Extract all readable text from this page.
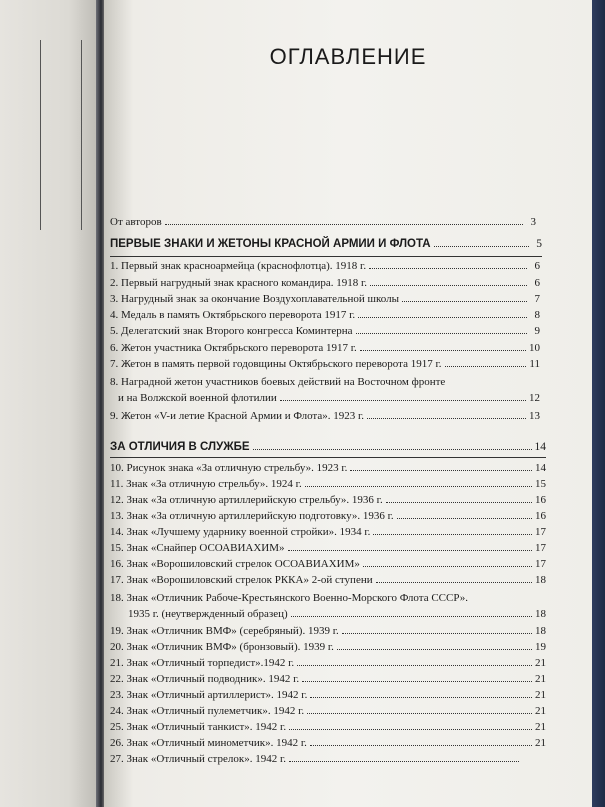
ОГЛАВЛЕНИЕ
От авторов	3
ПЕРВЫЕ ЗНАКИ И ЖЕТОНЫ КРАСНОЙ АРМИИ И ФЛОТА	5
1. Первый знак красноармейца (краснофлотца). 1918 г.	6
2. Первый нагрудный знак красного командира. 1918 г.	6
3. Нагрудный знак за окончание Воздухоплавательной школы	7
4. Медаль в память Октябрьского переворота 1917 г.	8
5. Делегатский знак Второго конгресса Коминтерна	9
6. Жетон участника Октябрьского переворота 1917 г.	10
7. Жетон в память первой годовщины Октябрьского переворота 1917 г.	11
8. Наградной жетон участников боевых действий на Восточном фронте
и на Волжской военной флотилии	12
9. Жетон «V-и летие Красной Армии и Флота». 1923 г.	13
ЗА ОТЛИЧИЯ В СЛУЖБЕ	14
10. Рисунок знака «За отличную стрельбу». 1923 г.	14
11. Знак «За отличную стрельбу». 1924 г.	15
12. Знак «За отличную артиллерийскую стрельбу». 1936 г.	16
13. Знак «За отличную артиллерийскую подготовку». 1936 г.	16
14. Знак «Лучшему ударнику военной стройки». 1934 г.	17
15. Знак «Снайпер ОСОАВИАХИМ»	17
16. Знак «Ворошиловский стрелок ОСОАВИАХИМ»	17
17. Знак «Ворошиловский стрелок РККА» 2-ой ступени	18
18. Знак «Отличник Рабоче-Крестьянского Военно-Морского Флота СССР».
1935 г. (неутвержденный образец)	18
19. Знак «Отличник ВМФ» (серебряный). 1939 г.	18
20. Знак «Отличник ВМФ» (бронзовый). 1939 г.	19
21. Знак «Отличный торпедист».1942 г.	21
22. Знак «Отличный подводник». 1942 г.	21
23. Знак «Отличный артиллерист». 1942 г.	21
24. Знак «Отличный пулеметчик». 1942 г.	21
25. Знак «Отличный танкист». 1942 г.	21
26. Знак «Отличный минометчик». 1942 г.	21
27. Знак «Отличный стрелок». 1942 г.
